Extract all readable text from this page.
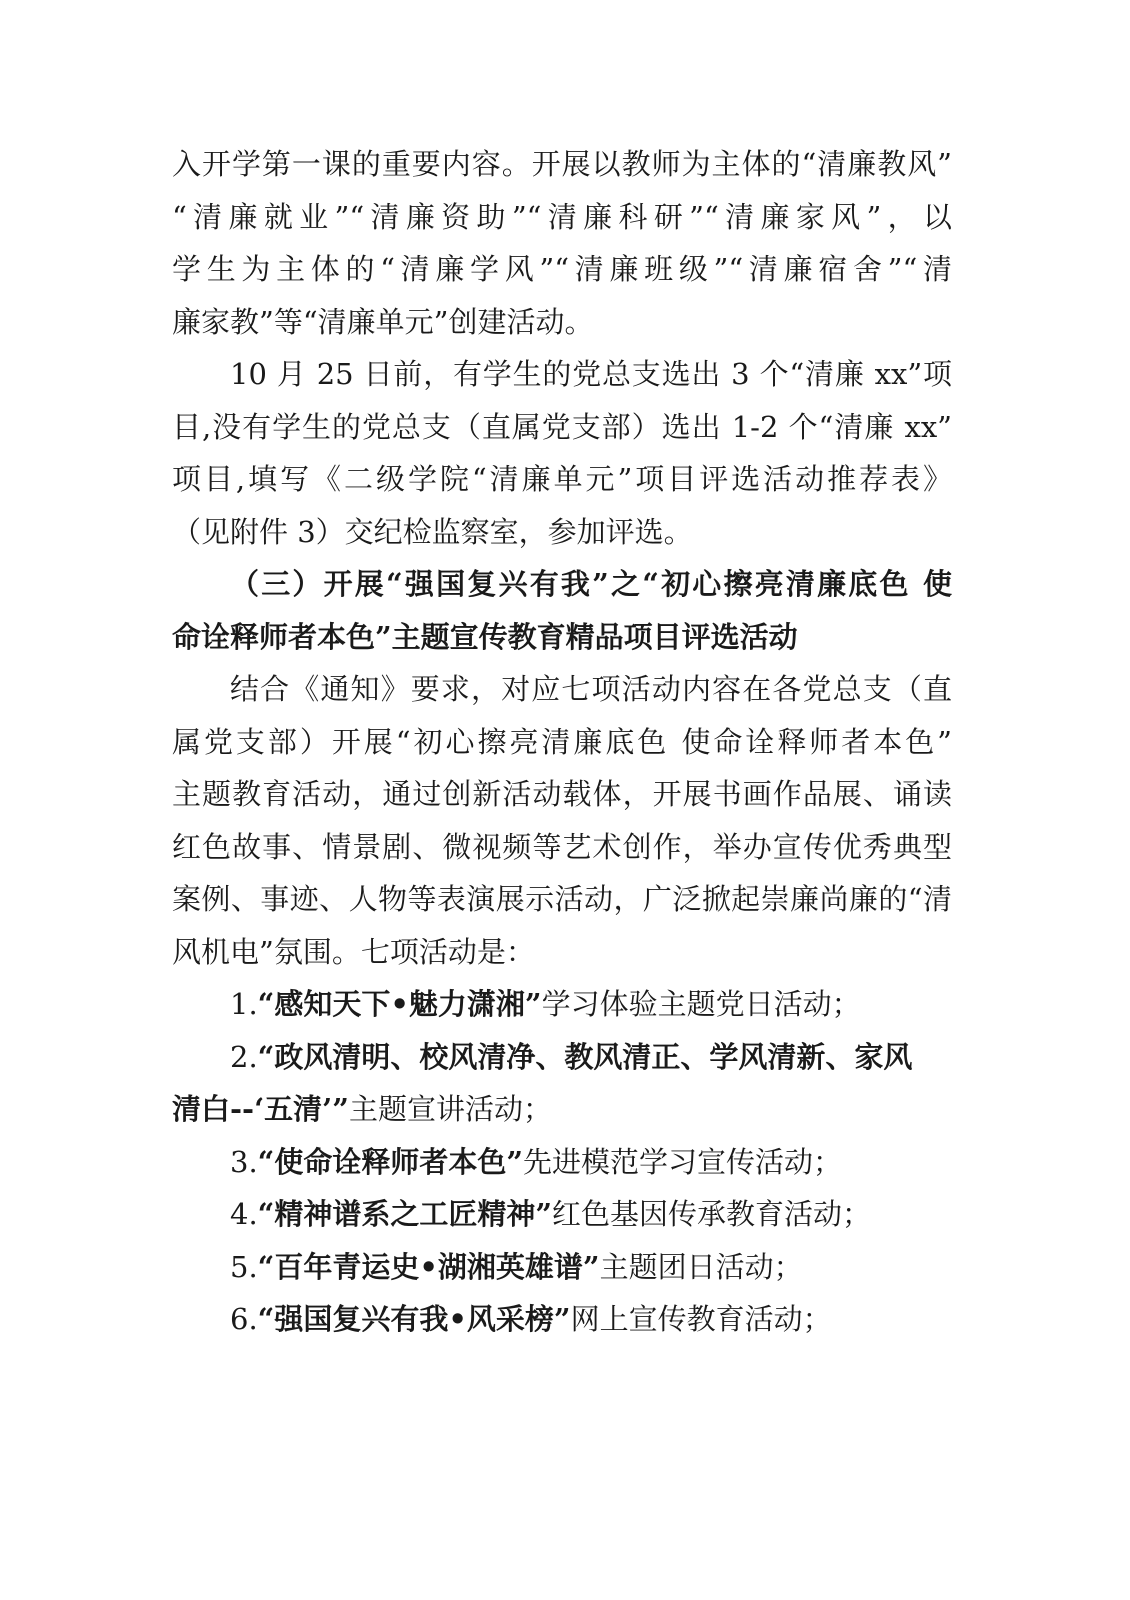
入开学第一课的重要内容。开展以教师为主体的“清廉教风”
“清廉就业”“清廉资助”“清廉科研”“清廉家风”，以
学生为主体的“清廉学风”“清廉班级”“清廉宿舍”“清
廉家教”等“清廉单元”创建活动。
10 月 25 日前，有学生的党总支选出 3 个“清廉 xx”项
目,没有学生的党总支（直属党支部）选出 1-2 个“清廉 xx”
项目,填写《二级学院“清廉单元”项目评选活动推荐表》
（见附件 3）交纪检监察室，参加评选。
（三）开展“强国复兴有我”之“初心擦亮清廉底色 使
命诠释师者本色”主题宣传教育精品项目评选活动
结合《通知》要求，对应七项活动内容在各党总支（直
属党支部）开展“初心擦亮清廉底色 使命诠释师者本色”
主题教育活动，通过创新活动载体，开展书画作品展、诵读
红色故事、情景剧、微视频等艺术创作，举办宣传优秀典型
案例、事迹、人物等表演展示活动，广泛掀起崇廉尚廉的“清
风机电”氛围。七项活动是：
1.“感知天下•魅力潇湘”学习体验主题党日活动；
2.“政风清明、校风清净、教风清正、学风清新、家风
清白--‘五清’”主题宣讲活动；
3.“使命诠释师者本色”先进模范学习宣传活动；
4.“精神谱系之工匠精神”红色基因传承教育活动；
5.“百年青运史•湖湘英雄谱”主题团日活动；
6.“强国复兴有我•风采榜”网上宣传教育活动；
